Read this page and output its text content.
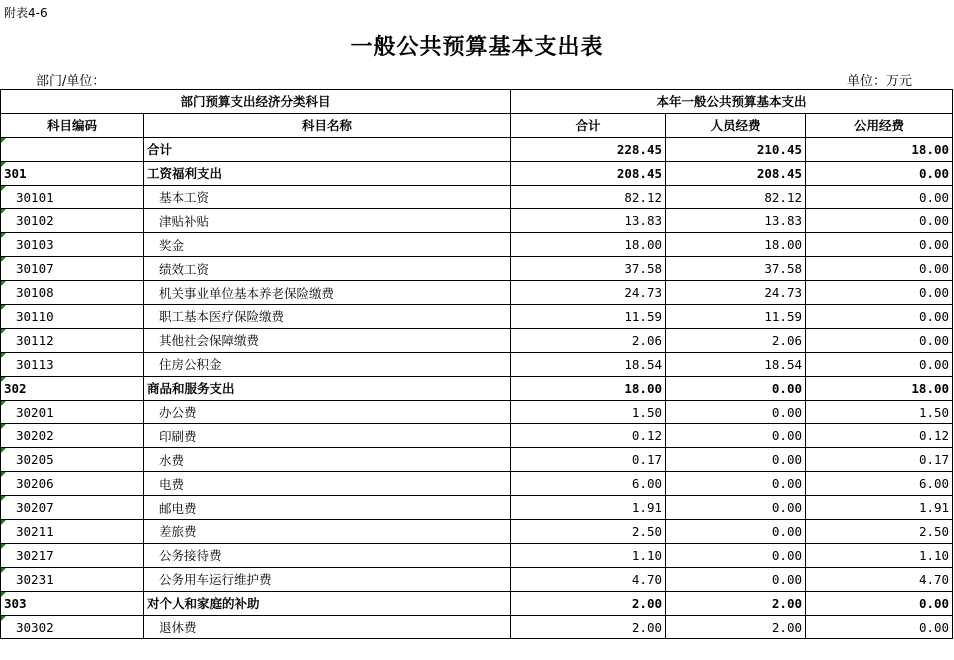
附表4-6
一般公共预算基本支出表
部门/单位：	单位：万元
部门预算支出经济分类科目		本年一般公共预算基本支出		
科目编码	科目名称	合计	人员经费	公用经费
	合计	228.45	210.45	18.00
301	工资福利支出	208.45	208.45	0.00
30101	基本工资	82.12	82.12	0.00
30102	津贴补贴	13.83	13.83	0.00
30103	奖金	18.00	18.00	0.00
30107	绩效工资	37.58	37.58	0.00
30108	机关事业单位基本养老保险缴费	24.73	24.73	0.00
30110	职工基本医疗保险缴费	11.59	11.59	0.00
30112	其他社会保障缴费	2.06	2.06	0.00
30113	住房公积金	18.54	18.54	0.00
302	商品和服务支出	18.00	0.00	18.00
30201	办公费	1.50	0.00	1.50
30202	印刷费	0.12	0.00	0.12
30205	水费	0.17	0.00	0.17
30206	电费	6.00	0.00	6.00
30207	邮电费	1.91	0.00	1.91
30211	差旅费	2.50	0.00	2.50
30217	公务接待费	1.10	0.00	1.10
30231	公务用车运行维护费	4.70	0.00	4.70
303	对个人和家庭的补助	2.00	2.00	0.00
30302	退休费	2.00	2.00	0.00
